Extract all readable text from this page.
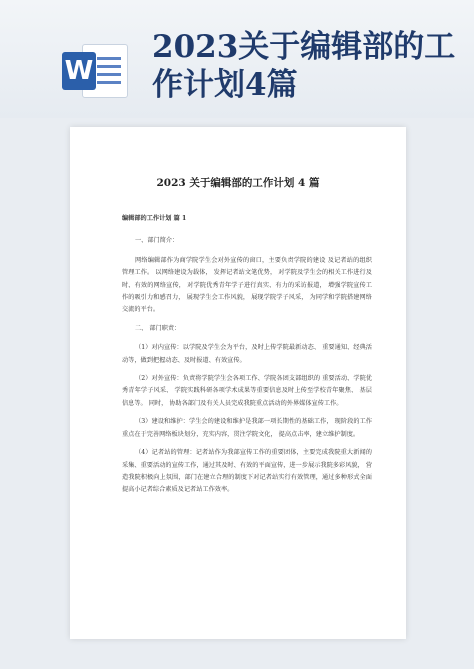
W
2023关于编辑部的工作计划4篇
2023 关于编辑部的工作计划 4 篇

编辑部的工作计划 篇 1

一、部门简介：

网络编辑部作为商学院学生会对外宣传的窗口，主要负责学院的建设 及记者站的组织管理工作。 以网络建设为载体， 发挥记者站文笔优势， 对学院及学生会的相关工作进行及时、有效的网络宣传， 对学院优秀青年学子进行真实、有力的采访报道， 增强学院宣传工作的吸引力和感召力， 展现学生会工作风貌， 展现学院学子风采， 为同学和学院搭建网络交流的平台。

二、 部门职责：

（1）对内宣传：以学院及学生会为平台，及时上传学院最新动态、 重要通知、经典活动等，做到把握动态、及时报道、有效宣传。

（2）对外宣传：负责将学院学生会各项工作、学院各团支部组织的 重要活动、学院优秀青年学子风采、 学院实践科研各项学术成果等重要信息及时上传至学校青年聚焦、 基层信息等。 同时， 协助各部门及有关人员完成我院重点活动的外界媒体宣传工作。

（3）建设和维护：学生会的建设和维护是我部一项长期性的基础工作， 现阶段的工作重点在于完善网络板块划分，充实内容，贯注学院文化， 提高点击率，建立维护制度。

（4）记者站的管理：记者站作为我部宣传工作的重要团体，主要完成我院重大新闻的采集、重要活动的宣传工作，通过其及时、有效的平面宣传，进一步展示我院多彩风貌， 营造我院积极向上氛围，部门在建立合理的制度下对记者站实行有效管理，通过多种形式全面提高小记者综合素质及记者站工作效率。
